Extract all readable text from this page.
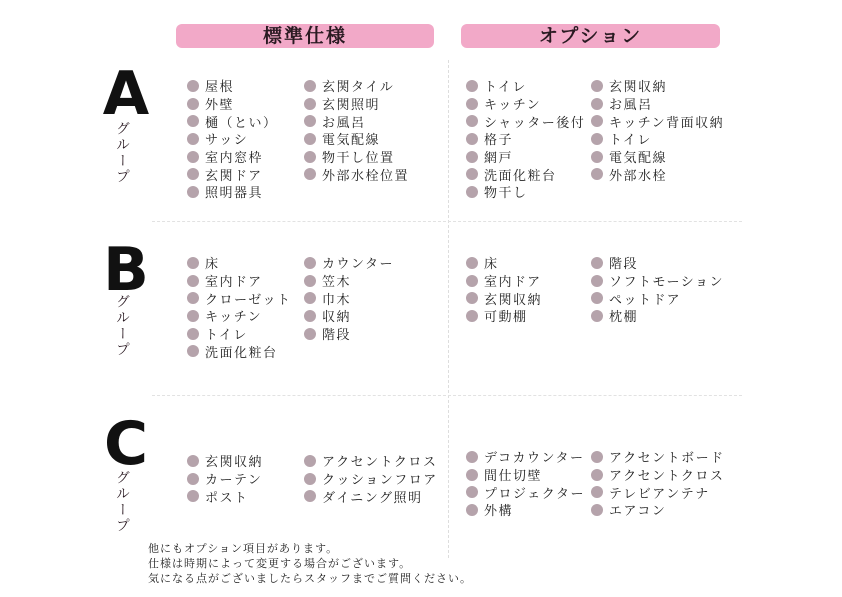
標準仕様	オプション
A
グループ
屋根
外壁
樋（とい）
サッシ
室内窓枠
玄関ドア
照明器具
玄関タイル
玄関照明
お風呂
電気配線
物干し位置
外部水栓位置
トイレ
キッチン
シャッター後付
格子
網戸
洗面化粧台
物干し
玄関収納
お風呂
キッチン背面収納
トイレ
電気配線
外部水栓
B
グループ
床
室内ドア
クローゼット
キッチン
トイレ
洗面化粧台
カウンター
笠木
巾木
収納
階段
床
室内ドア
玄関収納
可動棚
階段
ソフトモーション
ペットドア
枕棚
C
グループ
玄関収納
カーテン
ポスト
アクセントクロス
クッションフロア
ダイニング照明
デコカウンター
間仕切壁
プロジェクター
外構
アクセントボード
アクセントクロス
テレビアンテナ
エアコン
他にもオプション項目があります。
仕様は時期によって変更する場合がございます。
気になる点がございましたらスタッフまでご質問ください。
